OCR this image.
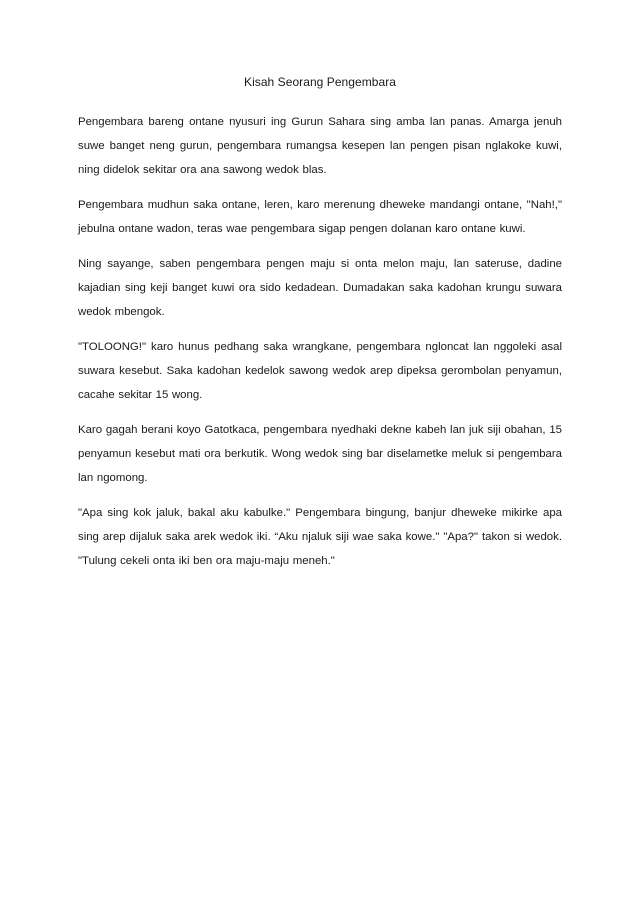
Kisah Seorang Pengembara

Pengembara bareng ontane nyusuri ing Gurun Sahara sing amba lan panas. Amarga jenuh suwe banget neng gurun, pengembara rumangsa kesepen lan pengen pisan nglakoke kuwi, ning didelok sekitar ora ana sawong wedok blas.

Pengembara mudhun saka ontane, leren, karo merenung dheweke mandangi ontane, "Nah!," jebulna ontane wadon, teras wae pengembara sigap pengen dolanan karo ontane kuwi.

Ning sayange, saben pengembara pengen maju si onta melon maju, lan sateruse, dadine kajadian sing keji banget kuwi ora sido kedadean. Dumadakan saka kadohan krungu suwara wedok mbengok.

"TOLOONG!" karo hunus pedhang saka wrangkane, pengembara ngloncat lan nggoleki asal suwara kesebut. Saka kadohan kedelok sawong wedok arep dipeksa gerombolan penyamun, cacahe sekitar 15 wong.

Karo gagah berani koyo Gatotkaca, pengembara nyedhaki dekne kabeh lan juk siji obahan, 15 penyamun kesebut mati ora berkutik. Wong wedok sing bar diselametke meluk si pengembara lan ngomong.

"Apa sing kok jaluk, bakal aku kabulke." Pengembara bingung, banjur dheweke mikirke apa sing arep dijaluk saka arek wedok iki. “Aku njaluk siji wae saka kowe." "Apa?" takon si wedok. "Tulung cekeli onta iki ben ora maju-maju meneh."
